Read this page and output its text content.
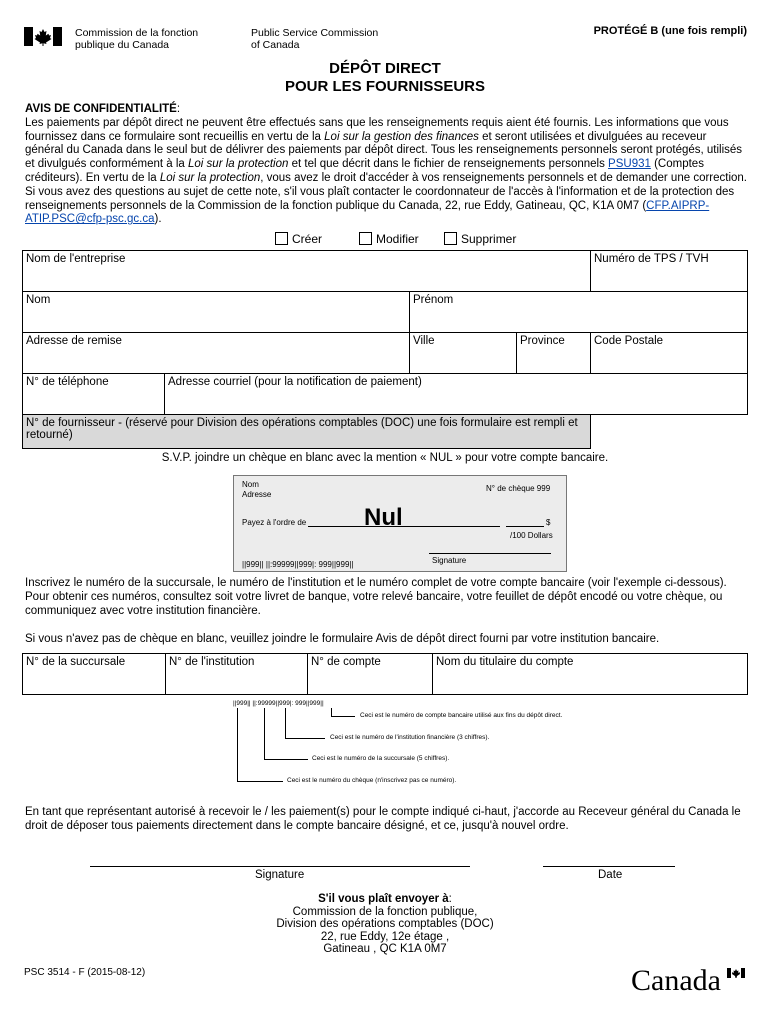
Commission de la fonction publique du Canada
Public Service Commission of Canada
PROTÉGÉ B (une fois rempli)
DÉPÔT DIRECT
POUR LES FOURNISSEURS
AVIS DE CONFIDENTIALITÉ:
Les paiements par dépôt direct ne peuvent être effectués sans que les renseignements requis aient été fournis. Les informations que vous fournissez dans ce formulaire sont recueillis en vertu de la Loi sur la gestion des finances et seront utilisées et divulguées au receveur général du Canada dans le seul but de délivrer des paiements par dépôt direct. Tous les renseignements personnels seront protégés, utilisés et divulgués conformément à la Loi sur la protection et tel que décrit dans le fichier de renseignements personnels PSU931 (Comptes créditeurs). En vertu de la Loi sur la protection, vous avez le droit d'accéder à vos renseignements personnels et de demander une correction. Si vous avez des questions au sujet de cette note, s'il vous plaît contacter le coordonnateur de l'accès à l'information et de la protection des renseignements personnels de la Commission de la fonction publique du Canada, 22, rue Eddy, Gatineau, QC, K1A 0M7 (CFP.AIPRP-ATIP.PSC@cfp-psc.gc.ca).
Créer	Modifier	Supprimer
Nom de l'entreprise				Numéro de TPS / TVH
Nom		Prénom		
Adresse de remise		Ville	Province	Code Postale
N° de téléphone	Adresse courriel (pour la notification de paiement)			
N° de fournisseur - (réservé pour Division des opérations comptables (DOC) une fois formulaire est rempli et retourné)				
S.V.P. joindre un chèque en blanc avec la mention « NUL » pour votre compte bancaire.
Nom
Adresse
N° de chèque 999
Payez à l'ordre de Nul	$
/100 Dollars
Signature
||999|| ||:99999||999|: 999||999||
Inscrivez le numéro de la succursale, le numéro de l'institution et le numéro complet de votre compte bancaire (voir l'exemple ci-dessous). Pour obtenir ces numéros, consultez soit votre livret de banque, votre relevé bancaire, votre feuillet de dépôt encodé ou votre chèque, ou communiquez avec votre institution financière.
Si vous n'avez pas de chèque en blanc, veuillez joindre le formulaire Avis de dépôt direct fourni par votre institution bancaire.
N° de la succursale	N° de l'institution	N° de compte	Nom du titulaire du compte
||999|| ||:99999||999|: 999||999||
Ceci est le numéro de compte bancaire utilisé aux fins du dépôt direct.
Ceci est le numéro de l'institution financière (3 chiffres).
Ceci est le numéro de la succursale (5 chiffres).
Ceci est le numéro du chèque (n'inscrivez pas ce numéro).
En tant que représentant autorisé à recevoir le / les paiement(s) pour le compte indiqué ci-haut, j'accorde au Receveur général du Canada le droit de déposer tous paiements directement dans le compte bancaire désigné, et ce, jusqu'à nouvel ordre.
Signature	Date
S'il vous plaît envoyer à:
Commission de la fonction publique,
Division des opérations comptables (DOC)
22, rue Eddy, 12e étage ,
Gatineau , QC K1A 0M7
PSC 3514 - F (2015-08-12)	Canada
